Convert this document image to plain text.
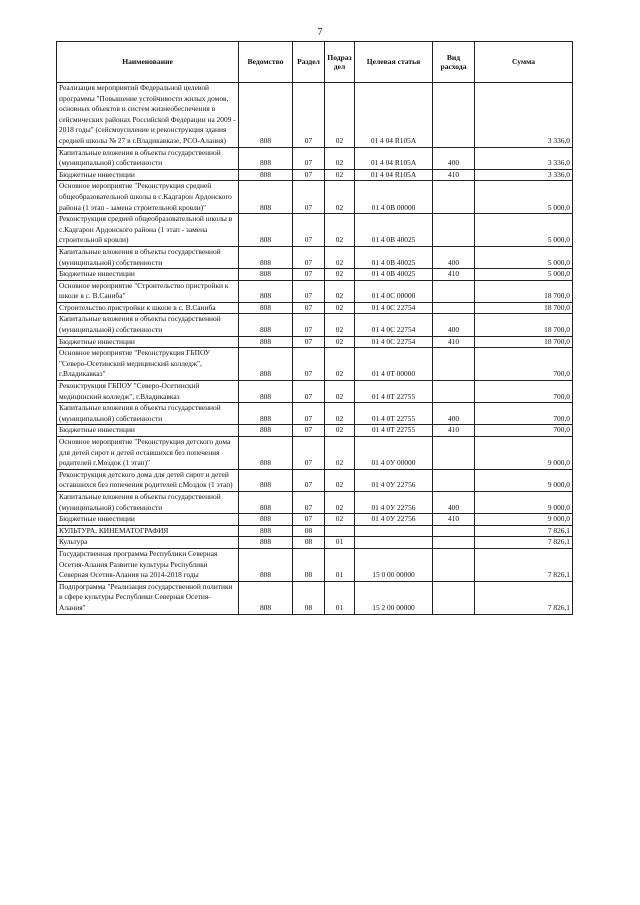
7
Наименование	Ведомство	Раздел	Подраз дел	Целевая статья	Вид расхода	Сумма
Реализация мероприятий Федеральной целевой программы "Повышение устойчивости жилых домов, основных объектов и систем жизнеобеспечения в сейсмических районах Российской Федерации на 2009 - 2018 годы" (сейсмоусиление и реконструкция здания средней школы № 27 в г.Владикавказе, РСО-Алания)	808	07	02	01 4 04 R105A		3 336,0
Капитальные вложения в объекты государственной (муниципальной) собственности	808	07	02	01 4 04 R105A	400	3 336,0
Бюджетные инвестиции	808	07	02	01 4 04 R105A	410	3 336,0
Основное мероприятие "Реконструкция средней общеобразовательной школы в с.Кадгарон Ардонского района (1 этап - замена строительной кровли)"	808	07	02	01 4 0В 00000		5 000,0
Реконструкция средней общеобразовательной школы в с.Кадгарон Ардонского района (1 этап - замена строительной кровли)	808	07	02	01 4 0В 40025		5 000,0
Капитальные вложения в объекты государственной (муниципальной) собственности	808	07	02	01 4 0В 40025	400	5 000,0
Бюджетные инвестиции	808	07	02	01 4 0В 40025	410	5 000,0
Основное мероприятие "Строительство пристройки к школе в с. В.Саниба"	808	07	02	01 4 0С 00000		18 700,0
Строительство пристройки к школе в с. В.Саниба	808	07	02	01 4 0С 22754		18 700,0
Капитальные вложения в объекты государственной (муниципальной) собственности	808	07	02	01 4 0С 22754	400	18 700,0
Бюджетные инвестиции	808	07	02	01 4 0С 22754	410	18 700,0
Основное мероприятие "Реконструкция ГБПОУ "Северо-Осетинский медицинский колледж", г.Владикавказ"	808	07	02	01 4 0Т 00000		700,0
Реконструкция ГБПОУ "Северо-Осетинский медицинский колледж", г.Владикавказ	808	07	02	01 4 0Т 22755		700,0
Капитальные вложения в объекты государственной (муниципальной) собственности	808	07	02	01 4 0Т 22755	400	700,0
Бюджетные инвестиции	808	07	02	01 4 0Т 22755	410	700,0
Основное мероприятие "Реконструкция детского дома для детей сирот и детей оставшихся без попечения родителей г.Моздок (1 этап)"	808	07	02	01 4 0У 00000		9 000,0
Реконструкция детского дома для детей сирот и детей оставшихся без попечения родителей г.Моздок (1 этап)	808	07	02	01 4 0У 22756		9 000,0
Капитальные вложения в объекты государственной (муниципальной) собственности	808	07	02	01 4 0У 22756	400	9 000,0
Бюджетные инвестиции	808	07	02	01 4 0У 22756	410	9 000,0
КУЛЬТУРА, КИНЕМАТОГРАФИЯ	808	08				7 826,1
Культура	808	08	01			7 826,1
Государственная программа Республики Северная Осетия-Алания Развитие культуры Республики Северная Осетия-Алания на 2014-2018 годы	808	08	01	15 0 00 00000		7 826,1
Подпрограмма "Реализация государственной политики в сфере культуры Республики Северная Осетия-Алания"	808	08	01	15 2 00 00000		7 826,1
